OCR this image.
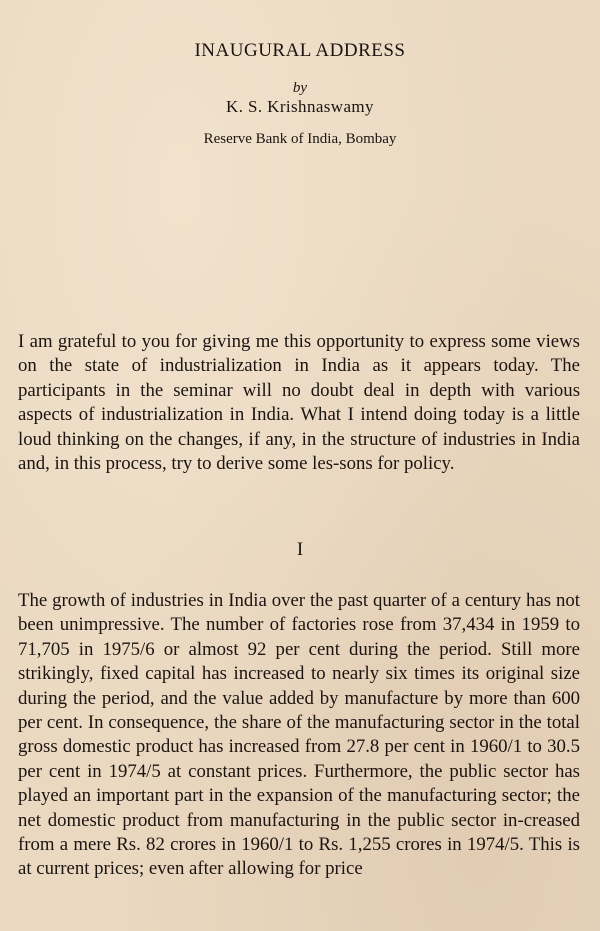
INAUGURAL ADDRESS
by
K. S. Krishnaswamy
Reserve Bank of India, Bombay

I am grateful to you for giving me this opportunity to express some views on the state of industrialization in India as it appears today. The participants in the seminar will no doubt deal in depth with various aspects of industrialization in India. What I intend doing today is a little loud thinking on the changes, if any, in the structure of industries in India and, in this process, try to derive some les-sons for policy.

I

The growth of industries in India over the past quarter of a century has not been unimpressive. The number of factories rose from 37,434 in 1959 to 71,705 in 1975/6 or almost 92 per cent during the period. Still more strikingly, fixed capital has increased to nearly six times its original size during the period, and the value added by manufacture by more than 600 per cent. In consequence, the share of the manufacturing sector in the total gross domestic product has increased from 27.8 per cent in 1960/1 to 30.5 per cent in 1974/5 at constant prices. Furthermore, the public sector has played an important part in the expansion of the manufacturing sector; the net domestic product from manufacturing in the public sector in-creased from a mere Rs. 82 crores in 1960/1 to Rs. 1,255 crores in 1974/5. This is at current prices; even after allowing for price
